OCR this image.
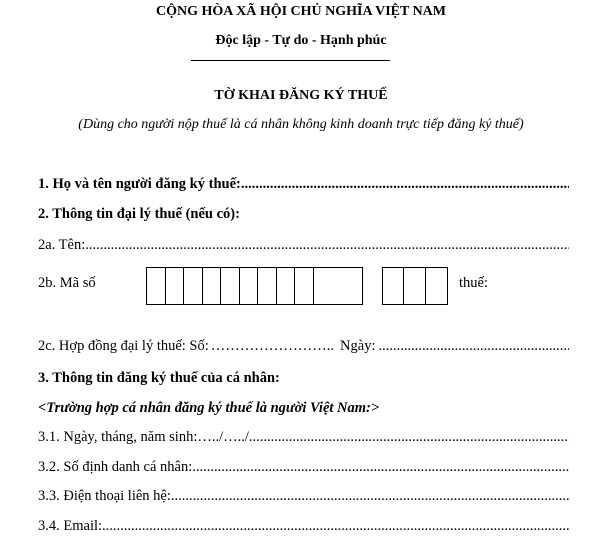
CỘNG HÒA XÃ HỘI CHỦ NGHĨA VIỆT NAM
Độc lập - Tự do - Hạnh phúc
TỜ KHAI ĐĂNG KÝ THUẾ
(Dùng cho người nộp thuế là cá nhân không kinh doanh trực tiếp đăng ký thuế)
1. Họ và tên người đăng ký thuế:
.....
2. Thông tin đại lý thuế (nếu có):
2a. Tên:
.....
2b. Mã số	thuế:
2c. Hợp đồng đại lý thuế: Số: …………………….. Ngày:
.....
3. Thông tin đăng ký thuế của cá nhân:
<Trường hợp cá nhân đăng ký thuế là người Việt Nam:>
3.1. Ngày, tháng, năm sinh:…../…../
.....
3.2. Số định danh cá nhân:
.....
3.3. Điện thoại liên hệ:
.....
3.4. Email:
.....
